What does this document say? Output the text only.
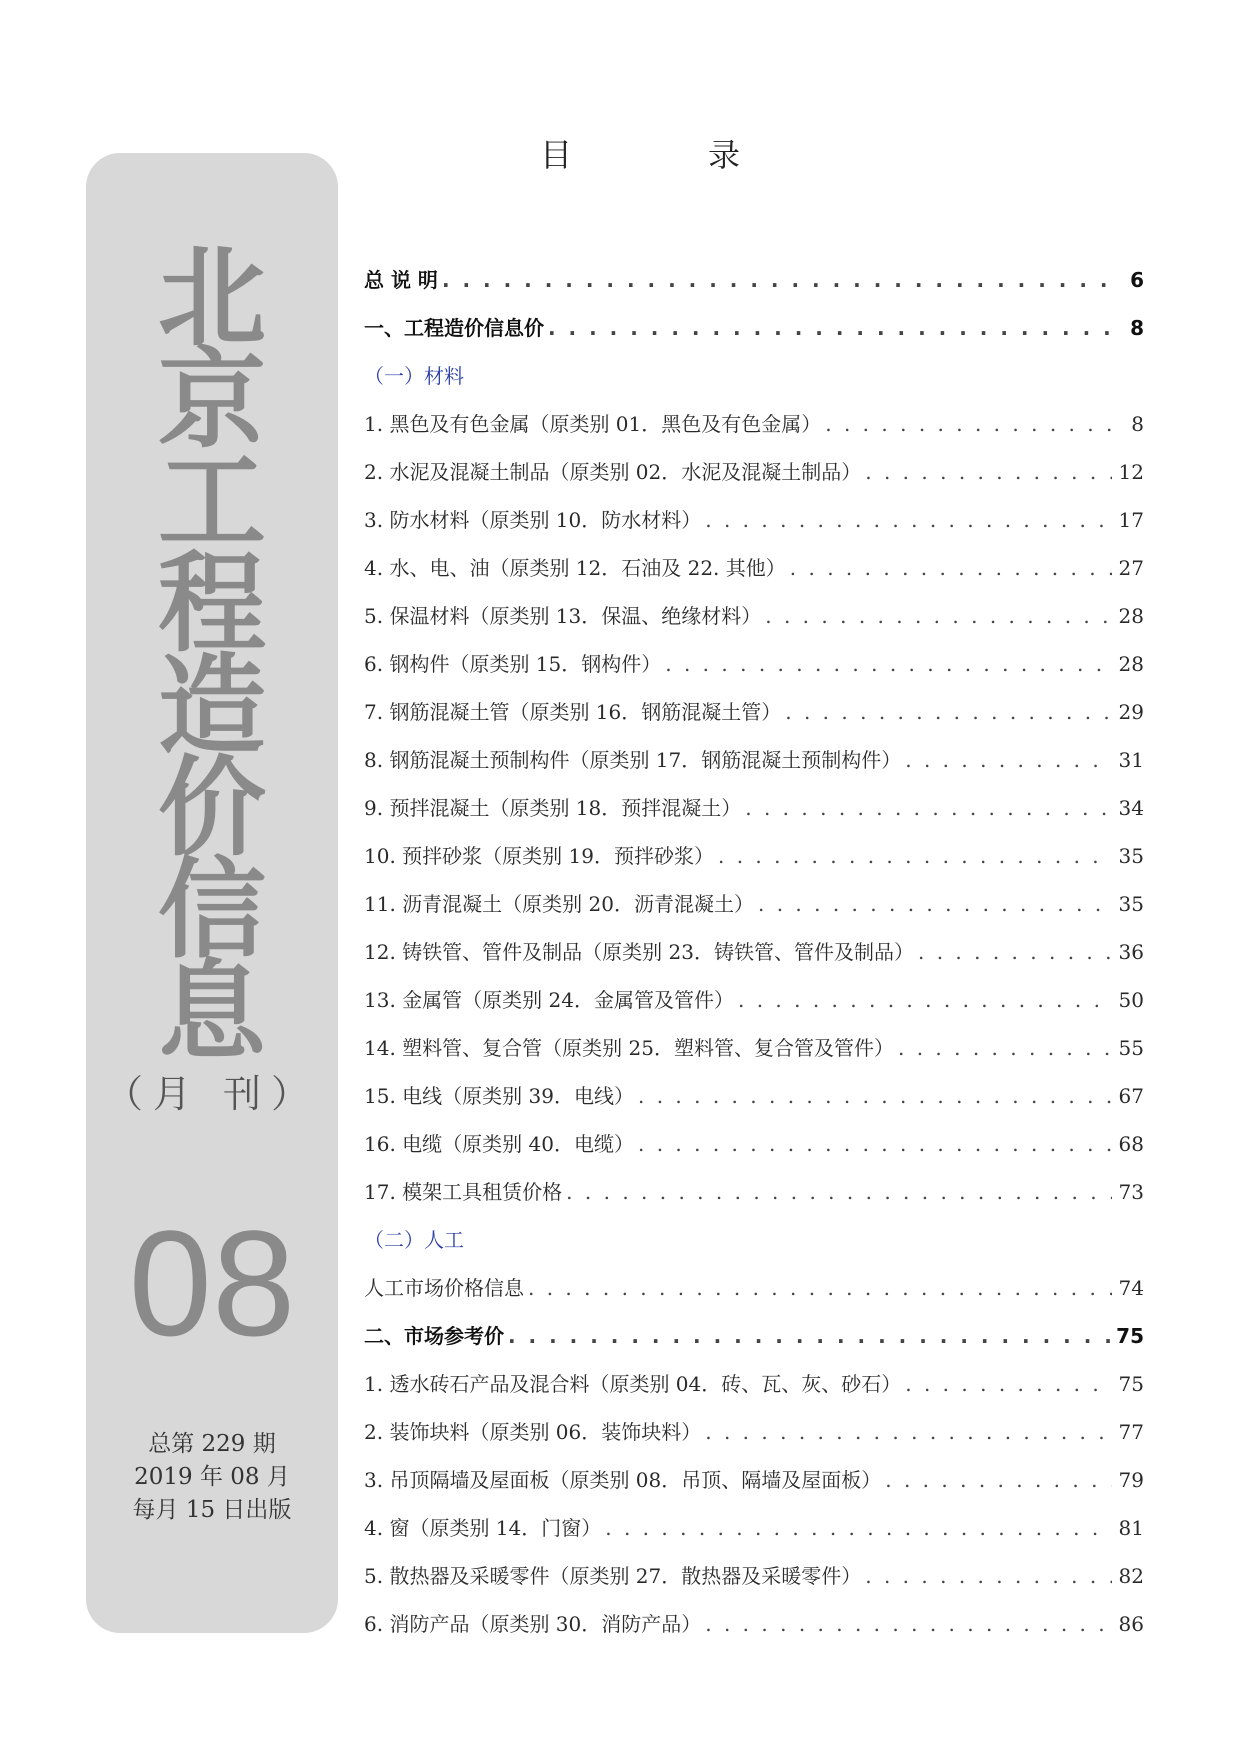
北
京
工
程
造
价
信
息
（月 刊）
08
总第 229 期
2019 年 08 月
每月 15 日出版
目	录
总 说 明 . . .	6
一、工程造价信息价 . . .	8
（一）材料
1. 黑色及有色金属（原类别 01．黑色及有色金属） . . .	8
2. 水泥及混凝土制品（原类别 02．水泥及混凝土制品） . . .	12
3. 防水材料（原类别 10．防水材料） . . .	17
4. 水、电、油（原类别 12．石油及 22. 其他） . . .	27
5. 保温材料（原类别 13．保温、绝缘材料） . . .	28
6. 钢构件（原类别 15．钢构件） . . .	28
7. 钢筋混凝土管（原类别 16．钢筋混凝土管） . . .	29
8. 钢筋混凝土预制构件（原类别 17．钢筋混凝土预制构件） . . .	31
9. 预拌混凝土（原类别 18．预拌混凝土） . . .	34
10. 预拌砂浆（原类别 19．预拌砂浆） . . .	35
11. 沥青混凝土（原类别 20．沥青混凝土） . . .	35
12. 铸铁管、管件及制品（原类别 23．铸铁管、管件及制品） . . .	36
13. 金属管（原类别 24．金属管及管件） . . .	50
14. 塑料管、复合管（原类别 25．塑料管、复合管及管件） . . .	55
15. 电线（原类别 39．电线） . . .	67
16. 电缆（原类别 40．电缆） . . .	68
17. 模架工具租赁价格 . . .	73
（二）人工
人工市场价格信息 . . .	74
二、市场参考价 . . .	75
1. 透水砖石产品及混合料（原类别 04．砖、瓦、灰、砂石） . . .	75
2. 装饰块料（原类别 06．装饰块料） . . .	77
3. 吊顶隔墙及屋面板（原类别 08．吊顶、隔墙及屋面板） . . .	79
4. 窗（原类别 14．门窗） . . .	81
5. 散热器及采暖零件（原类别 27．散热器及采暖零件） . . .	82
6. 消防产品（原类别 30．消防产品） . . .	86
